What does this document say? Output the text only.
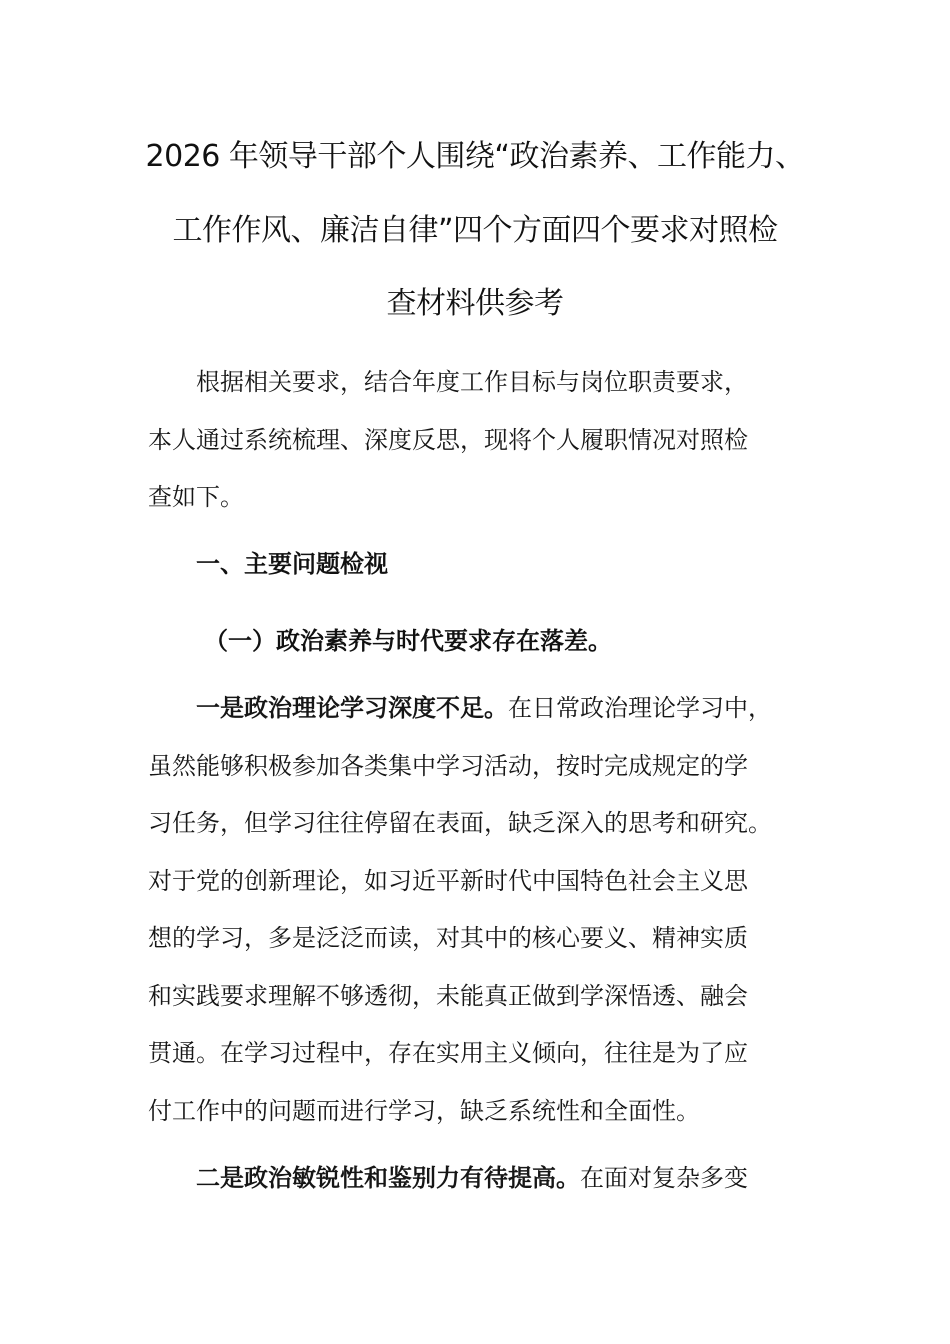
2026 年领导干部个人围绕“政治素养、工作能力、
工作作风、廉洁自律”四个方面四个要求对照检
查材料供参考
根据相关要求，结合年度工作目标与岗位职责要求，
本人通过系统梳理、深度反思，现将个人履职情况对照检
查如下。
一、主要问题检视
（一）政治素养与时代要求存在落差。
一是政治理论学习深度不足。在日常政治理论学习中，
虽然能够积极参加各类集中学习活动，按时完成规定的学
习任务，但学习往往停留在表面，缺乏深入的思考和研究。
对于党的创新理论，如习近平新时代中国特色社会主义思
想的学习，多是泛泛而读，对其中的核心要义、精神实质
和实践要求理解不够透彻，未能真正做到学深悟透、融会
贯通。在学习过程中，存在实用主义倾向，往往是为了应
付工作中的问题而进行学习，缺乏系统性和全面性。
二是政治敏锐性和鉴别力有待提高。在面对复杂多变
